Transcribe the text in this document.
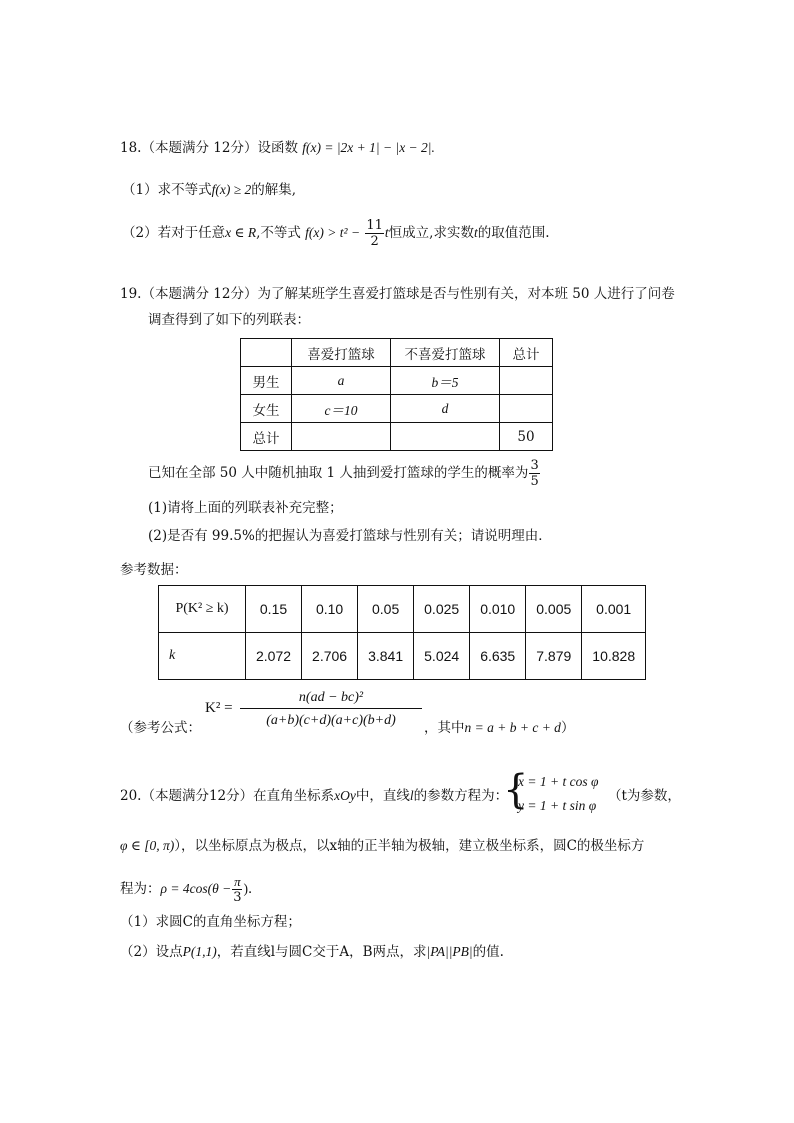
18.（本题满分 12分）设函数 f(x) = |2x + 1| − |x − 2|.
（1）求不等式f(x) ≥ 2的解集,
（2）若对于任意x ∈ R,不等式 $f(x) > t^2 - \frac{11}{2}$ t恒成立,求实数t的取值范围.
19.（本题满分 12分）为了解某班学生喜爱打篮球是否与性别有关，对本班 50 人进行了问卷
调查得到了如下的列联表：
	喜爱打篮球	不喜爱打篮球	总计
男生	a	b＝5	
女生	c＝10	d	
总计			50
已知在全部 50 人中随机抽取 1 人抽到爱打篮球的学生的概率为 $\frac{3}{5}$
(1)请将上面的列联表补充完整；
(2)是否有 99.5%的把握认为喜爱打篮球与性别有关；请说明理由．
参考数据：
P(K² ≥ k)	0.15	0.10	0.05	0.025	0.010	0.005	0.001
k	2.072	2.706	3.841	5.024	6.635	7.879	10.828
（参考公式：
K² =
n(ad − bc)²
(a+b)(c+d)(a+c)(b+d)	，其中n = a + b + c + d）
20.（本题满分12分）在直角坐标系xOy中，直线l的参数方程为：
{
x = 1 + t cos φ
y = 1 + t sin φ
（t为参数，
φ ∈ [0, π)），以坐标原点为极点，以x轴的正半轴为极轴，建立极坐标系，圆C的极坐标方
程为：$\rho = 4\cos(\theta - \frac{\pi}{3}$ )．
（1）求圆C的直角坐标方程；
（2）设点P(1,1)，若直线l与圆C交于A，B两点，求|PA||PB|的值.
